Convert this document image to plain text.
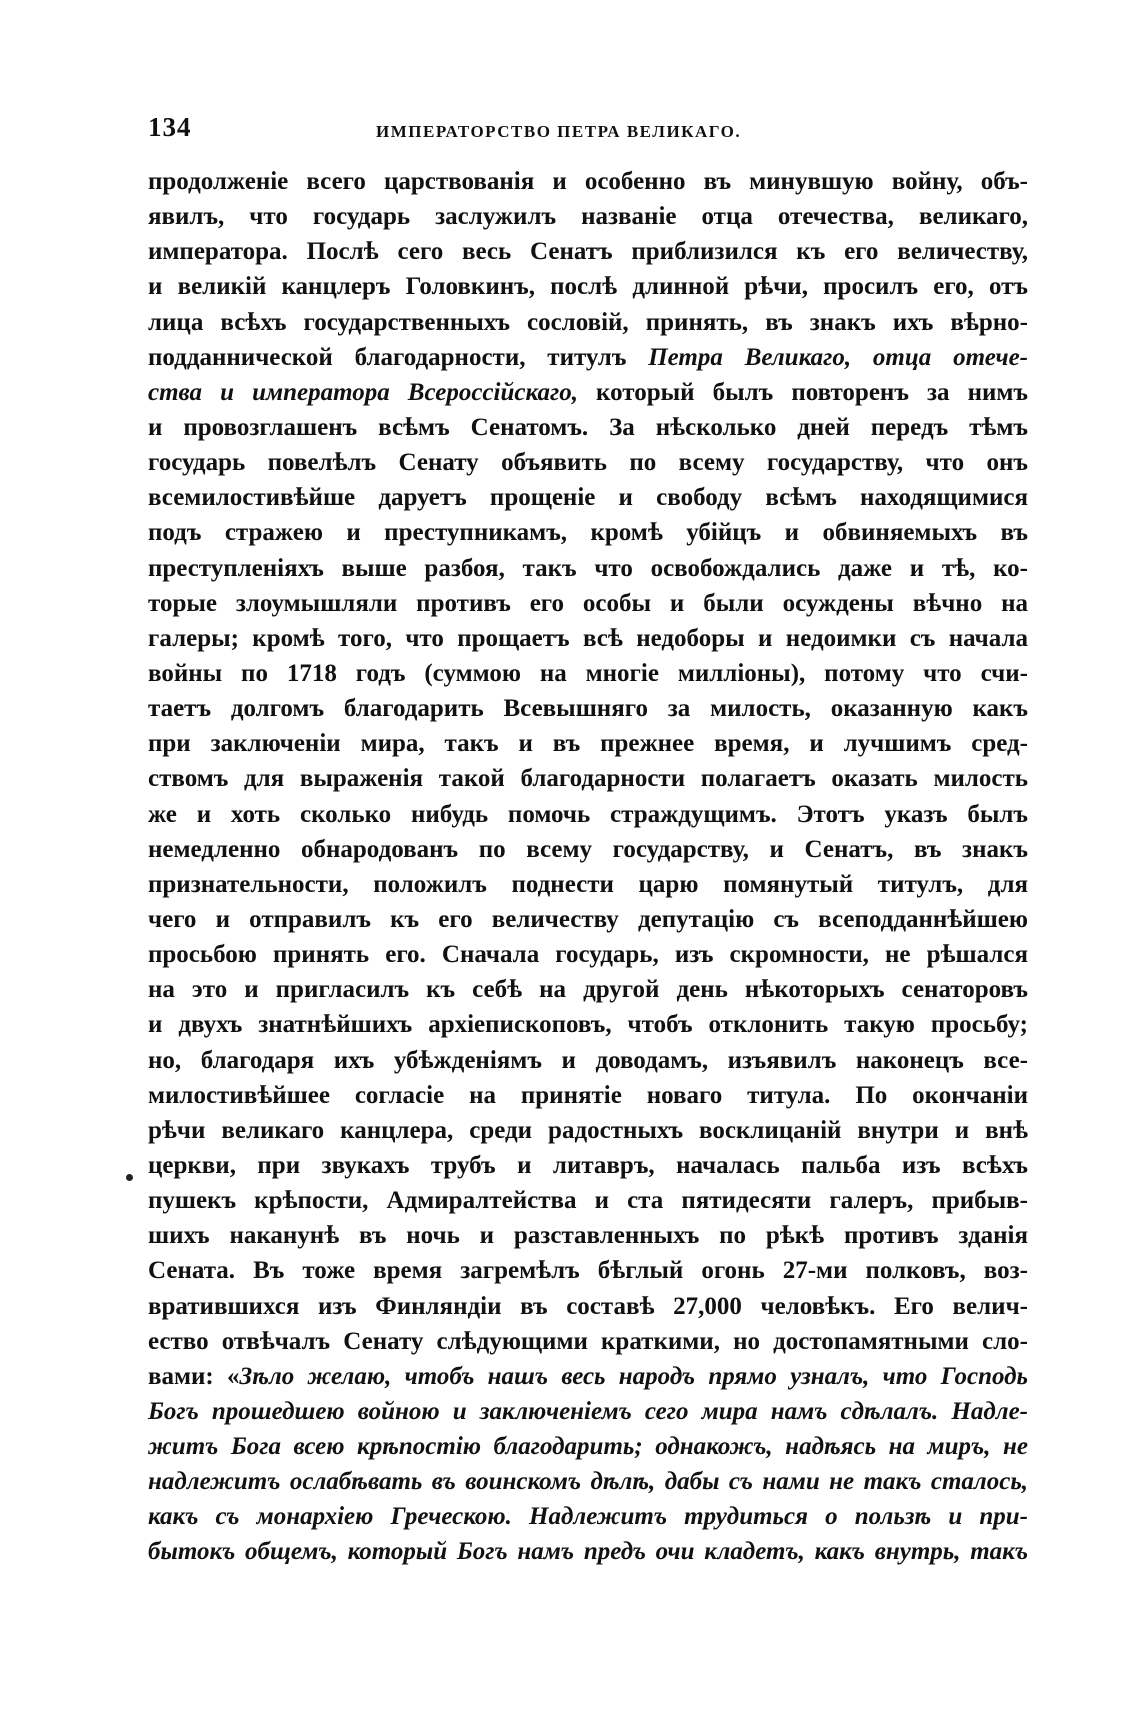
134	ИМПЕРАТОРСТВО ПЕТРА ВЕЛИКАГО.
продолженіе всего царствованія и особенно въ минувшую войну, объ-
явилъ, что государь заслужилъ названіе отца отечества, великаго,
императора. Послѣ сего весь Сенатъ приблизился къ его величеству,
и великій канцлеръ Головкинъ, послѣ длинной рѣчи, просилъ его, отъ
лица всѣхъ государственныхъ сословій, принять, въ знакъ ихъ вѣрно-
подданнической благодарности, титулъ Петра Великаго, отца отече-
ства и императора Всероссійскаго, который былъ повторенъ за нимъ
и провозглашенъ всѣмъ Сенатомъ. За нѣсколько дней передъ тѣмъ
государь повелѣлъ Сенату объявить по всему государству, что онъ
всемилостивѣйше даруетъ прощеніе и свободу всѣмъ находящимися
подъ стражею и преступникамъ, кромѣ убійцъ и обвиняемыхъ въ
преступленіяхъ выше разбоя, такъ что освобождались даже и тѣ, ко-
торые злоумышляли противъ его особы и были осуждены вѣчно на
галеры; кромѣ того, что прощаетъ всѣ недоборы и недоимки съ начала
войны по 1718 годъ (суммою на многіе милліоны), потому что счи-
таетъ долгомъ благодарить Всевышняго за милость, оказанную какъ
при заключеніи мира, такъ и въ прежнее время, и лучшимъ сред-
ствомъ для выраженія такой благодарности полагаетъ оказать милость
же и хоть сколько нибудь помочь страждущимъ. Этотъ указъ былъ
немедленно обнародованъ по всему государству, и Сенатъ, въ знакъ
признательности, положилъ поднести царю помянутый титулъ, для
чего и отправилъ къ его величеству депутацію съ всеподданнѣйшею
просьбою принять его. Сначала государь, изъ скромности, не рѣшался
на это и пригласилъ къ себѣ на другой день нѣкоторыхъ сенаторовъ
и двухъ знатнѣйшихъ архіепископовъ, чтобъ отклонить такую просьбу;
но, благодаря ихъ убѣжденіямъ и доводамъ, изъявилъ наконецъ все-
милостивѣйшее согласіе на принятіе новаго титула. По окончаніи
рѣчи великаго канцлера, среди радостныхъ восклицаній внутри и внѣ
церкви, при звукахъ трубъ и литавръ, началась пальба изъ всѣхъ
пушекъ крѣпости, Адмиралтейства и ста пятидесяти галеръ, прибыв-
шихъ наканунѣ въ ночь и разставленныхъ по рѣкѣ противъ зданія
Сената. Въ тоже время загремѣлъ бѣглый огонь 27-ми полковъ, воз-
вратившихся изъ Финляндіи въ составѣ 27,000 человѣкъ. Его велич-
ество отвѣчалъ Сенату слѣдующими краткими, но достопамятными сло-
вами: «Зѣло желаю, чтобъ нашъ весь народъ прямо узналъ, что Господь
Богъ прошедшею войною и заключеніемъ сего мира намъ сдѣлалъ. Надле-
житъ Бога всею крѣпостію благодарить; однакожъ, надѣясь на миръ, не
надлежитъ ослабѣвать въ воинскомъ дѣлѣ, дабы съ нами не такъ сталось,
какъ съ монархіею Греческою. Надлежитъ трудиться о пользѣ и при-
бытокъ общемъ, который Богъ намъ предъ очи кладетъ, какъ внутрь, такъ
